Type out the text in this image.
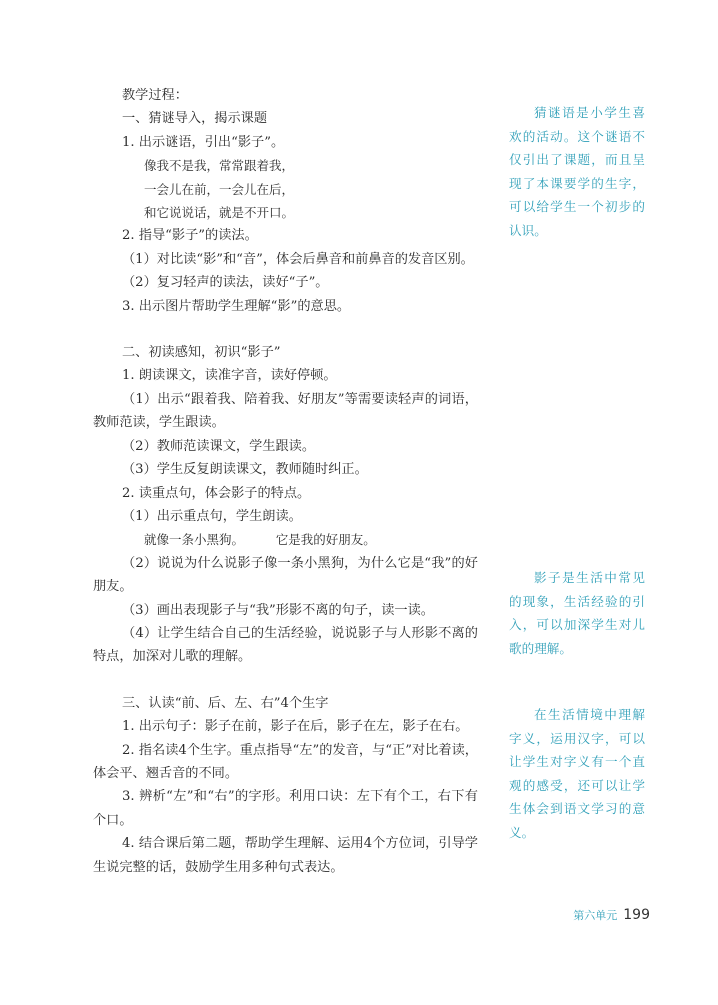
教学过程：
一、猜谜导入，揭示课题
1. 出示谜语，引出“影子”。
像我不是我，常常跟着我，
一会儿在前，一会儿在后，
和它说说话，就是不开口。
2. 指导“影子”的读法。
（1）对比读“影”和“音”，体会后鼻音和前鼻音的发音区别。
（2）复习轻声的读法，读好“子”。
3. 出示图片帮助学生理解“影”的意思。
二、初读感知，初识“影子”
1. 朗读课文，读准字音，读好停顿。
（1）出示“跟着我、陪着我、好朋友”等需要读轻声的词语，教师范读，学生跟读。
（2）教师范读课文，学生跟读。
（3）学生反复朗读课文，教师随时纠正。
2. 读重点句，体会影子的特点。
（1）出示重点句，学生朗读。
就像一条小黑狗。        它是我的好朋友。
（2）说说为什么说影子像一条小黑狗，为什么它是“我”的好朋友。
（3）画出表现影子与“我”形影不离的句子，读一读。
（4）让学生结合自己的生活经验，说说影子与人形影不离的特点，加深对儿歌的理解。
三、认读“前、后、左、右”4个生字
1. 出示句子：影子在前，影子在后，影子在左，影子在右。
2. 指名读4个生字。重点指导“左”的发音，与“正”对比着读，体会平、翘舌音的不同。
3. 辨析“左”和“右”的字形。利用口诀：左下有个工，右下有个口。
4. 结合课后第二题，帮助学生理解、运用4个方位词，引导学生说完整的话，鼓励学生用多种句式表达。
猜谜语是小学生喜欢的活动。这个谜语不仅引出了课题，而且呈现了本课要学的生字，可以给学生一个初步的认识。
影子是生活中常见的现象，生活经验的引入，可以加深学生对儿歌的理解。
在生活情境中理解字义，运用汉字，可以让学生对字义有一个直观的感受，还可以让学生体会到语文学习的意义。
第六单元 199
